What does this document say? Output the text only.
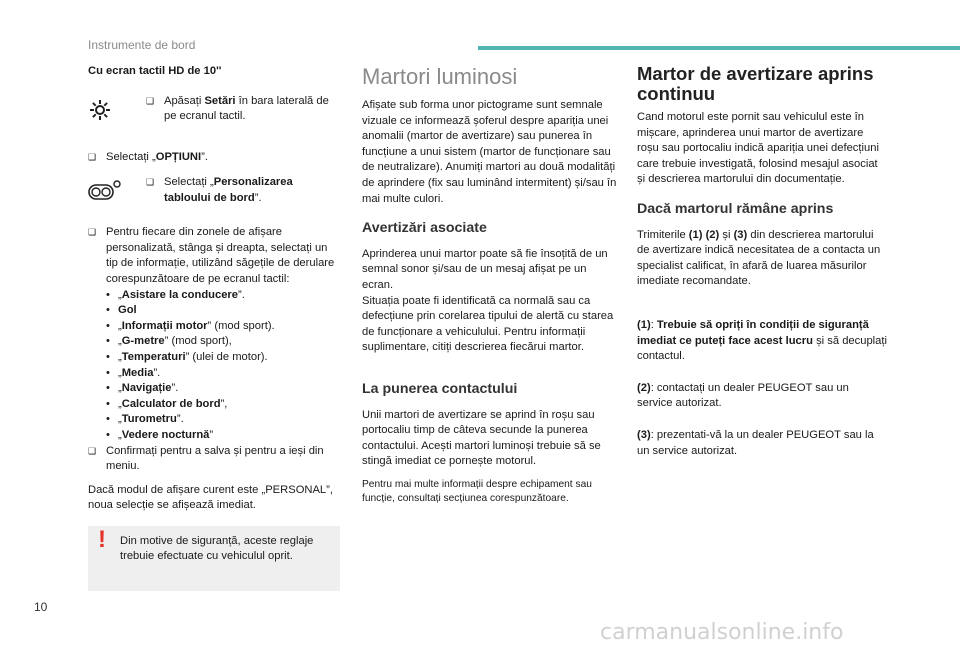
Instrumente de bord

Cu ecran tactil HD de 10''

❑ Apăsați Setări în bara laterală de pe ecranul tactil.
❑ Selectați „OPȚIUNI”.
❑ Selectați „Personalizarea tabloului de bord”.
❑ Pentru fiecare din zonele de afișare personalizată, stânga și dreapta, selectați un tip de informație, utilizând săgețile de derulare corespunzătoare de pe ecranul tactil:
• „Asistare la conducere”.
• Gol
• „Informații motor” (mod sport).
• „G-metre” (mod sport),
• „Temperaturi” (ulei de motor).
• „Media”.
• „Navigație”.
• „Calculator de bord”,
• „Turometru”.
• „Vedere nocturnă”
❑ Confirmați pentru a salva și pentru a ieși din meniu.

Dacă modul de afișare curent este „PERSONAL”, noua selecție se afișează imediat.

! Din motive de siguranță, aceste reglaje trebuie efectuate cu vehiculul oprit.
Martori luminosi

Afișate sub forma unor pictograme sunt semnale vizuale ce informează șoferul despre apariția unei anomalii (martor de avertizare) sau punerea în funcțiune a unui sistem (martor de funcționare sau de neutralizare). Anumiți martori au două modalități de aprindere (fix sau luminând intermitent) și/sau în mai multe culori.

Avertizări asociate

Aprinderea unui martor poate să fie însoțită de un semnal sonor și/sau de un mesaj afișat pe un ecran.

Situația poate fi identificată ca normală sau ca defecțiune prin corelarea tipului de alertă cu starea de funcționare a vehiculului. Pentru informații suplimentare, citiți descrierea fiecărui martor.

La punerea contactului

Unii martori de avertizare se aprind în roșu sau portocaliu timp de câteva secunde la punerea contactului. Acești martori luminoși trebuie să se stingă imediat ce pornește motorul.

Pentru mai multe informații despre echipament sau funcție, consultați secțiunea corespunzătoare.

Martor de avertizare aprins continuu

Cand motorul este pornit sau vehiculul este în mișcare, aprinderea unui martor de avertizare roșu sau portocaliu indică apariția unei defecțiuni care trebuie investigată, folosind mesajul asociat și descrierea martorului din documentație.

Dacă martorul rămâne aprins

Trimiterile (1) (2) și (3) din descrierea martorului de avertizare indică necesitatea de a contacta un specialist calificat, în afară de luarea măsurilor imediate recomandate.

(1): Trebuie să opriți în condiții de siguranță imediat ce puteți face acest lucru și să decuplați contactul.

(2): contactați un dealer PEUGEOT sau un service autorizat.

(3): prezentati-vă la un dealer PEUGEOT sau la un service autorizat.

10
carmanualsonline.info
